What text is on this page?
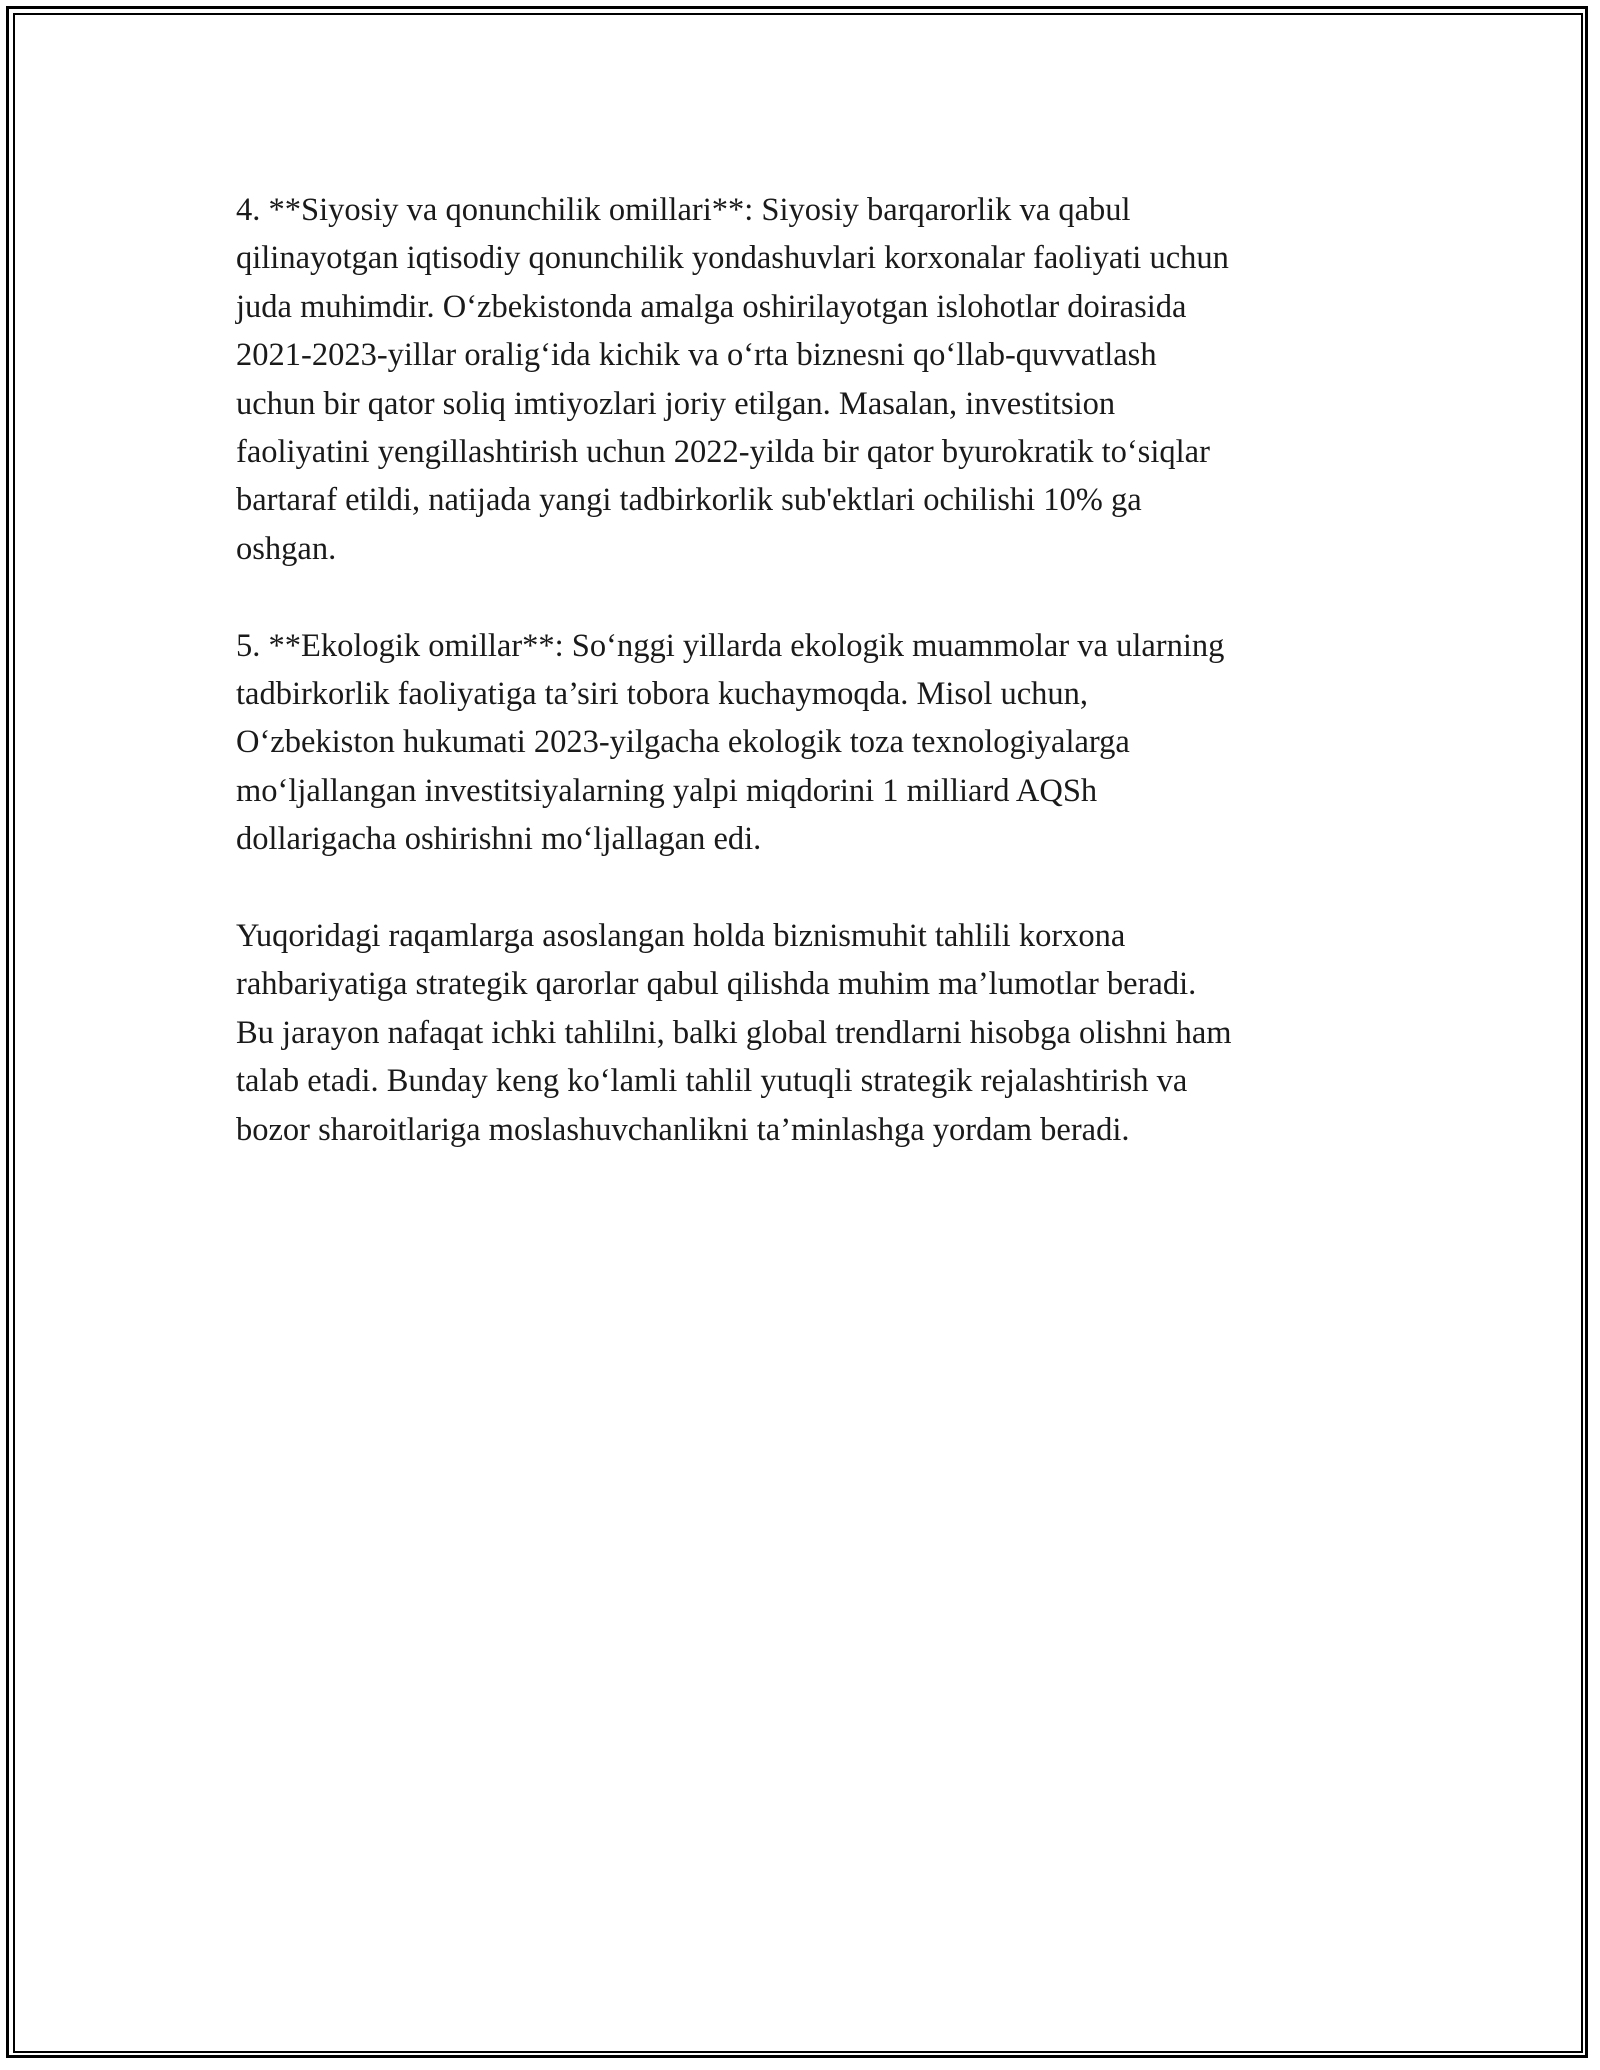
4. **Siyosiy va qonunchilik omillari**: Siyosiy barqarorlik va qabul
qilinayotgan iqtisodiy qonunchilik yondashuvlari korxonalar faoliyati uchun
juda muhimdir. O‘zbekistonda amalga oshirilayotgan islohotlar doirasida
2021-2023-yillar oralig‘ida kichik va o‘rta biznesni qo‘llab-quvvatlash
uchun bir qator soliq imtiyozlari joriy etilgan. Masalan, investitsion
faoliyatini yengillashtirish uchun 2022-yilda bir qator byurokratik to‘siqlar
bartaraf etildi, natijada yangi tadbirkorlik sub'ektlari ochilishi 10% ga
oshgan.

5. **Ekologik omillar**: So‘nggi yillarda ekologik muammolar va ularning
tadbirkorlik faoliyatiga ta’siri tobora kuchaymoqda. Misol uchun,
O‘zbekiston hukumati 2023-yilgacha ekologik toza texnologiyalarga
mo‘ljallangan investitsiyalarning yalpi miqdorini 1 milliard AQSh
dollarigacha oshirishni mo‘ljallagan edi.

Yuqoridagi raqamlarga asoslangan holda biznismuhit tahlili korxona
rahbariyatiga strategik qarorlar qabul qilishda muhim ma’lumotlar beradi.
Bu jarayon nafaqat ichki tahlilni, balki global trendlarni hisobga olishni ham
talab etadi. Bunday keng ko‘lamli tahlil yutuqli strategik rejalashtirish va
bozor sharoitlariga moslashuvchanlikni ta’minlashga yordam beradi.
